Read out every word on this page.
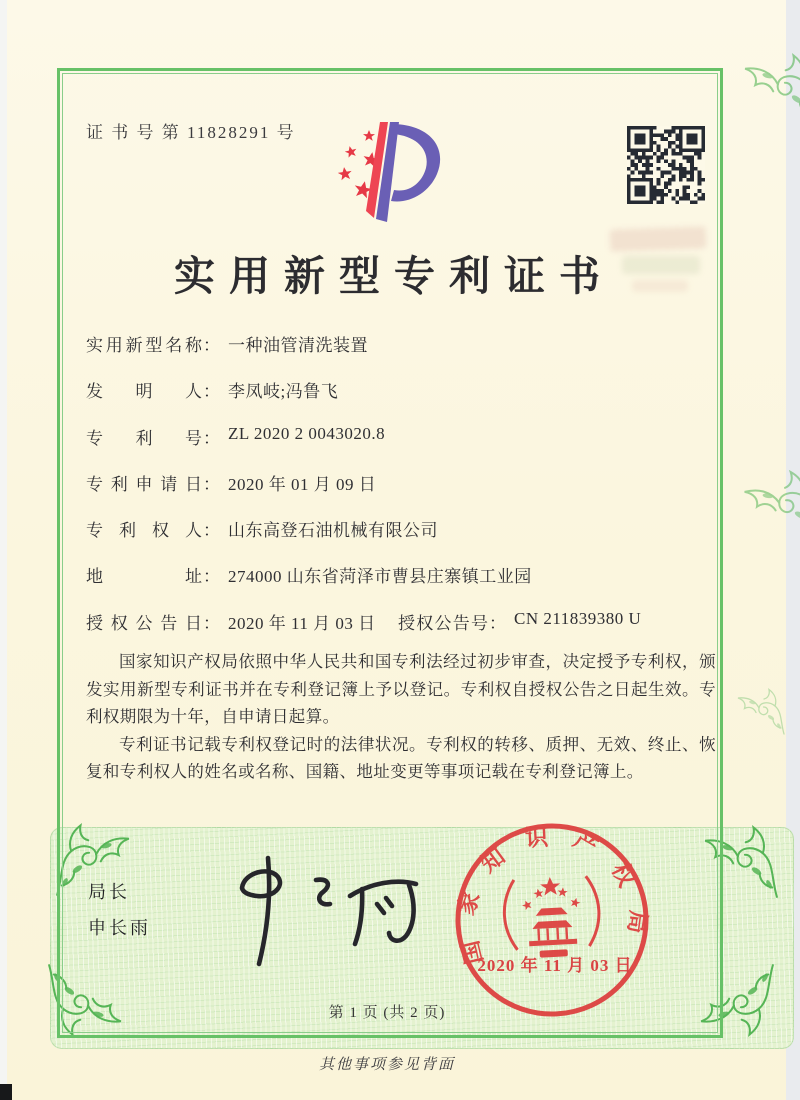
证 书 号 第 11828291 号
实用新型专利证书
实用新型名称 ： 一种油管清洗装置
发明人 ： 李凤岐;冯鲁飞
专利号 ： ZL 2020 2 0043020.8
专利申请日 ： 2020 年 01 月 09 日
专利权人 ： 山东高登石油机械有限公司
地址 ： 274000 山东省菏泽市曹县庄寨镇工业园
授权公告日 ： 2020 年 11 月 03 日 授权公告号 ： CN 211839380 U

国家知识产权局依照中华人民共和国专利法经过初步审查，决定授予专利权，颁发实用新型专利证书并在专利登记簿上予以登记。专利权自授权公告之日起生效。专利权期限为十年，自申请日起算。

专利证书记载专利权登记时的法律状况。专利权的转移、质押、无效、终止、恢复和专利权人的姓名或名称、国籍、地址变更等事项记载在专利登记簿上。

局长
申长雨	国家知识产权局
2020 年 11 月 03 日
第 1 页 (共 2 页)
其他事项参见背面
